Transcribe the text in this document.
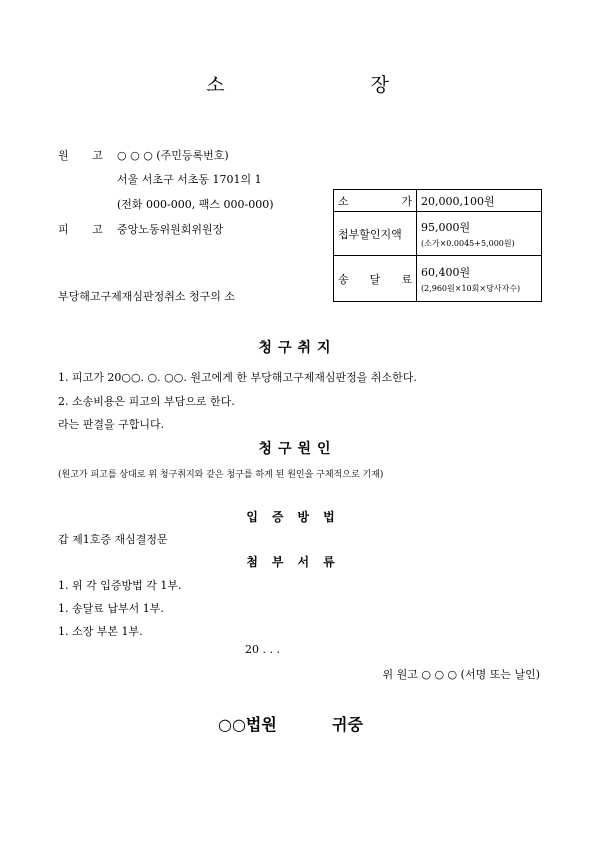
소 장
원 고 ○ ○ ○ (주민등록번호)
서울 서초구 서초동 1701의 1
(전화 000-000, 팩스 000-000)
피 고 중앙노동위원회위원장
부당해고구제재심판정취소 청구의 소
소 가	20,000,100원
첩부할인지액	95,000원
(소가×0.0045+5,000원)

송 달 료	60,400원
(2,960원×10회×당사자수)
청구취지
1. 피고가 20○○. ○. ○○. 원고에게 한 부당해고구제재심판정을 취소한다.
2. 소송비용은 피고의 부담으로 한다.
라는 판결을 구합니다.
청구원인
(원고가 피고를 상대로 위 청구취지와 같은 청구를 하게 된 원인을 구체적으로 기재)
입증방법
갑 제1호증 재심결정문
첨부서류
1. 위 각 입증방법 각 1부.
1. 송달료 납부서 1부.
1. 소장 부본 1부.
20 . . .
위 원고 ○ ○ ○ (서명 또는 날인)
○○법원	귀중
